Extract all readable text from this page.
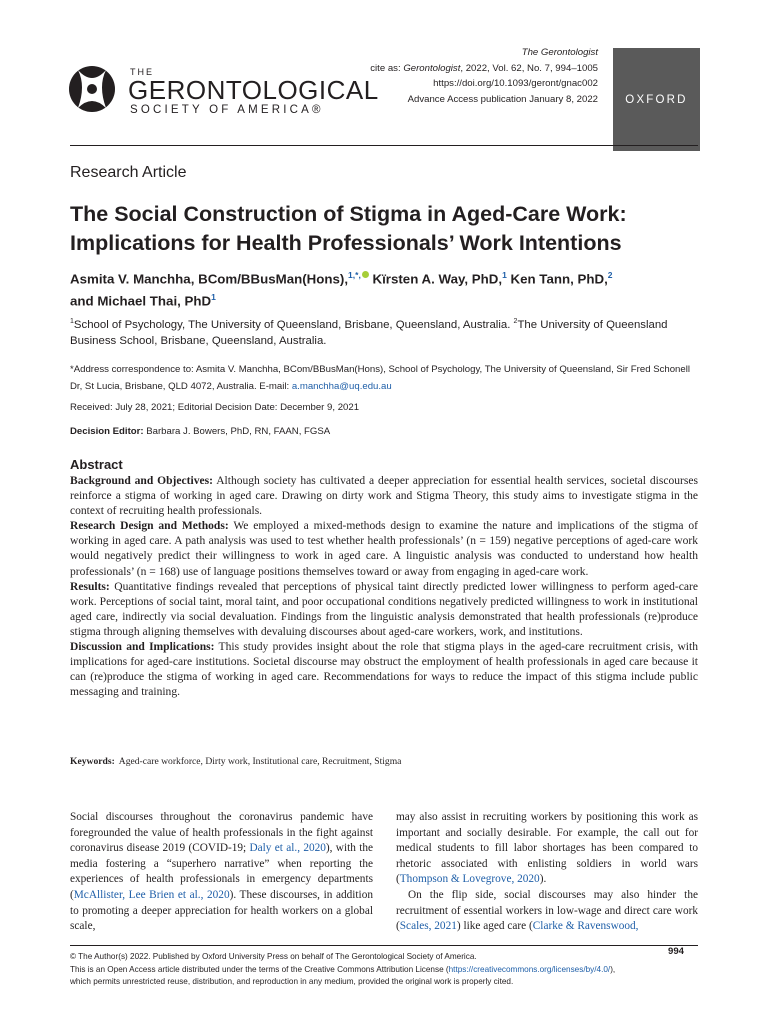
THE
GERONTOLOGICAL
SOCIETY OF AMERICA®
The Gerontologist
cite as: Gerontologist, 2022, Vol. 62, No. 7, 994–1005
https://doi.org/10.1093/geront/gnac002
Advance Access publication January 8, 2022	OXFORD
Research Article
The Social Construction of Stigma in Aged-Care Work: Implications for Health Professionals’ Work Intentions
Asmita V. Manchha, BCom/BBusMan(Hons),$^{1,*,}$ Kïrsten A. Way, PhD,$^1$ Ken Tann, PhD,$^2$
and Michael Thai, PhD$^1$
$^1$School of Psychology, The University of Queensland, Brisbane, Queensland, Australia. $^2$The University of Queensland Business School, Brisbane, Queensland, Australia.
*Address correspondence to: Asmita V. Manchha, BCom/BBusMan(Hons), School of Psychology, The University of Queensland, Sir Fred Schonell Dr, St Lucia, Brisbane, QLD 4072, Australia. E-mail: a.manchha@uq.edu.au
Received: July 28, 2021; Editorial Decision Date: December 9, 2021
Decision Editor: Barbara J. Bowers, PhD, RN, FAAN, FGSA
Abstract

Background and Objectives: Although society has cultivated a deeper appreciation for essential health services, societal discourses reinforce a stigma of working in aged care. Drawing on dirty work and Stigma Theory, this study aims to investigate stigma in the context of recruiting health professionals.

Research Design and Methods: We employed a mixed-methods design to examine the nature and implications of the stigma of working in aged care. A path analysis was used to test whether health professionals’ (n = 159) negative perceptions of aged-care work would negatively predict their willingness to work in aged care. A linguistic analysis was conducted to understand how health professionals’ (n = 168) use of language positions themselves toward or away from engaging in aged-care work.

Results: Quantitative findings revealed that perceptions of physical taint directly predicted lower willingness to perform aged-care work. Perceptions of social taint, moral taint, and poor occupational conditions negatively predicted willingness to work in institutional aged care, indirectly via social devaluation. Findings from the linguistic analysis demonstrated that health professionals (re)produce stigma through aligning themselves with devaluing discourses about aged-care workers, work, and institutions.

Discussion and Implications: This study provides insight about the role that stigma plays in the aged-care recruitment crisis, with implications for aged-care institutions. Societal discourse may obstruct the employment of health professionals in aged care because it can (re)produce the stigma of working in aged care. Recommendations for ways to reduce the impact of this stigma include public messaging and training.

Keywords: Aged-care workforce, Dirty work, Institutional care, Recruitment, Stigma
Social discourses throughout the coronavirus pandemic have foregrounded the value of health professionals in the fight against coronavirus disease 2019 (COVID-19; Daly et al., 2020), with the media fostering a “superhero narrative” when reporting the experiences of health professionals in emergency departments (McAllister, Lee Brien et al., 2020). These discourses, in addition to promoting a deeper appreciation for health workers on a global scale,

may also assist in recruiting workers by positioning this work as important and socially desirable. For example, the call out for medical students to fill labor shortages has been compared to rhetoric associated with enlisting soldiers in world wars (Thompson & Lovegrove, 2020).

On the flip side, social discourses may also hinder the recruitment of essential workers in low-wage and direct care work (Scales, 2021) like aged care (Clarke & Ravenswood,

994
© The Author(s) 2022. Published by Oxford University Press on behalf of The Gerontological Society of America.
This is an Open Access article distributed under the terms of the Creative Commons Attribution License (https://creativecommons.org/licenses/by/4.0/), which permits unrestricted reuse, distribution, and reproduction in any medium, provided the original work is properly cited.
